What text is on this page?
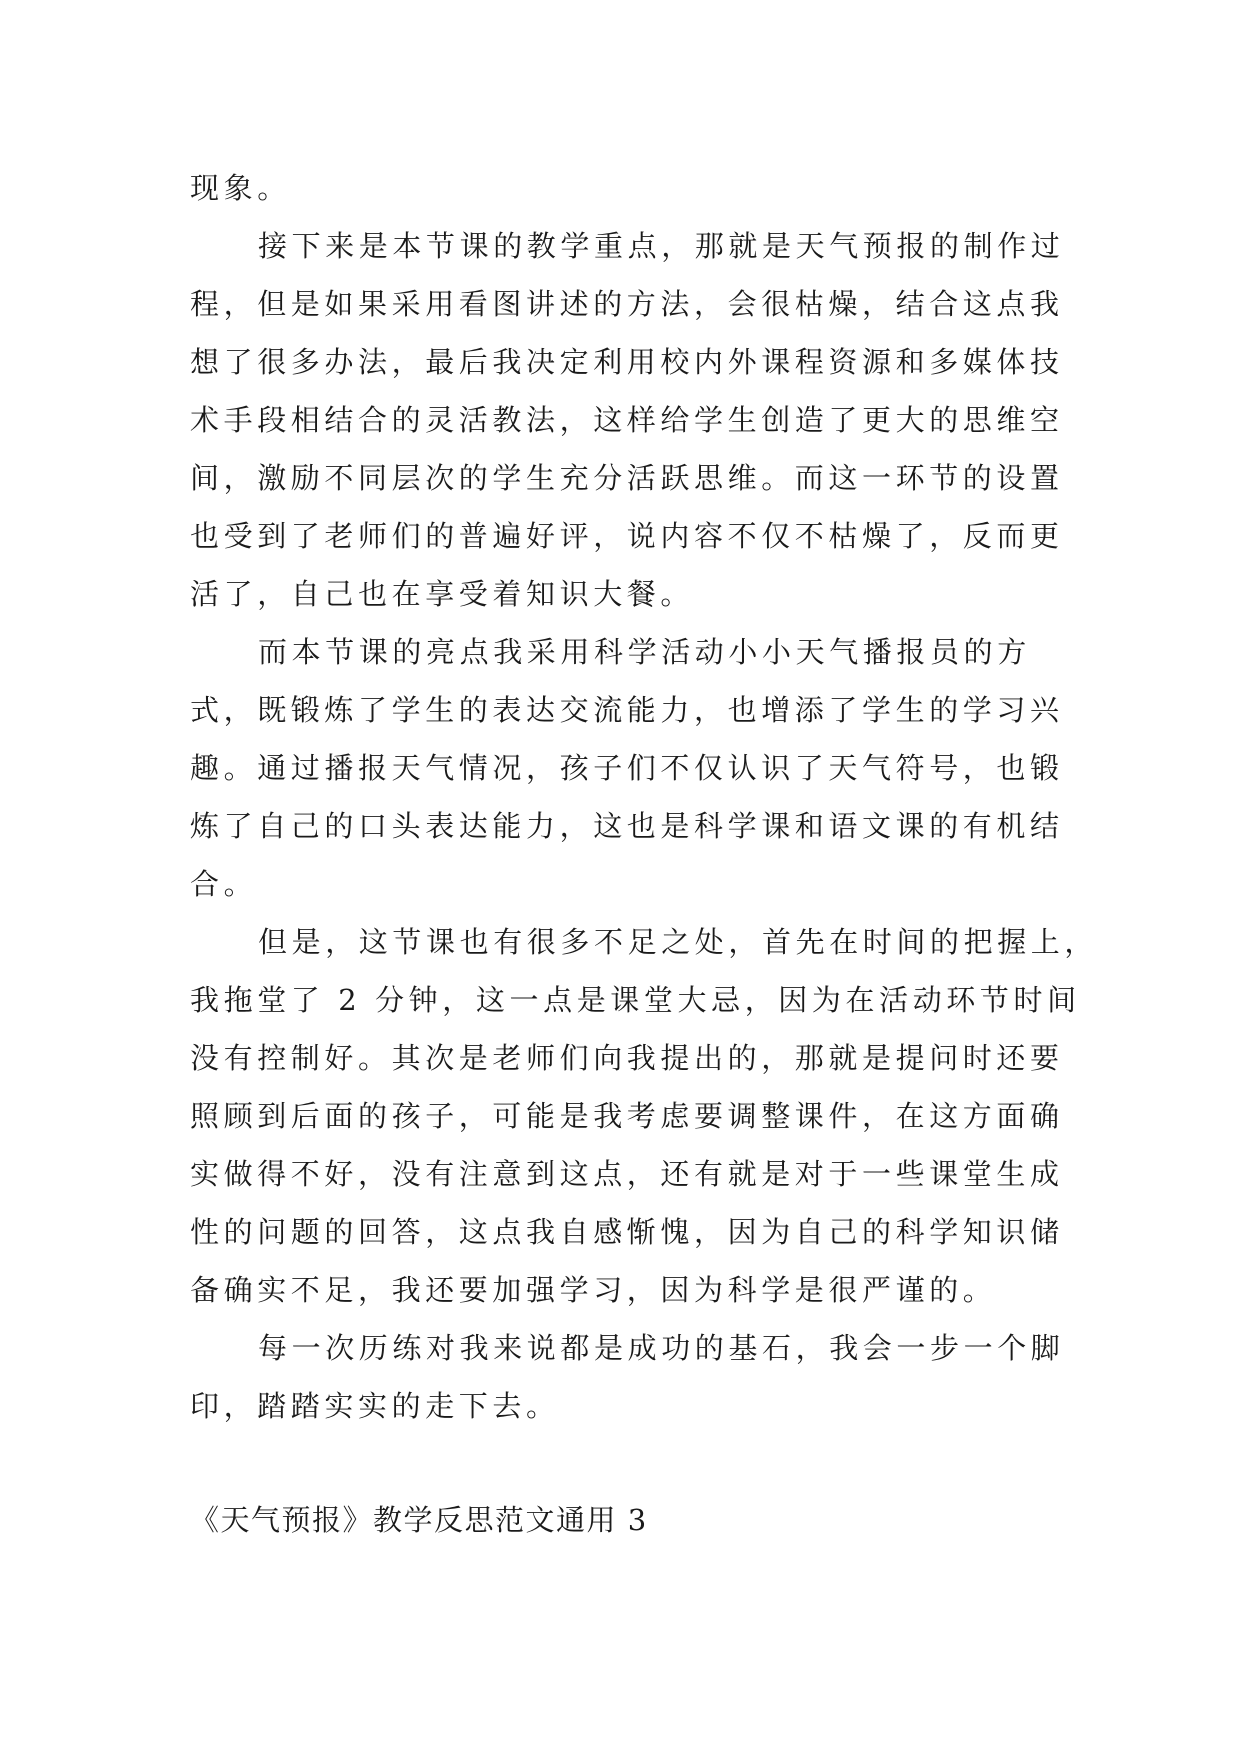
现象。
接下来是本节课的教学重点，那就是天气预报的制作过
程，但是如果采用看图讲述的方法，会很枯燥，结合这点我
想了很多办法，最后我决定利用校内外课程资源和多媒体技
术手段相结合的灵活教法，这样给学生创造了更大的思维空
间，激励不同层次的学生充分活跃思维。而这一环节的设置
也受到了老师们的普遍好评，说内容不仅不枯燥了，反而更
活了，自己也在享受着知识大餐。
而本节课的亮点我采用科学活动小小天气播报员的方
式，既锻炼了学生的表达交流能力，也增添了学生的学习兴
趣。通过播报天气情况，孩子们不仅认识了天气符号，也锻
炼了自己的口头表达能力，这也是科学课和语文课的有机结
合。
但是，这节课也有很多不足之处，首先在时间的把握上，
我拖堂了 2 分钟，这一点是课堂大忌，因为在活动环节时间
没有控制好。其次是老师们向我提出的，那就是提问时还要
照顾到后面的孩子，可能是我考虑要调整课件，在这方面确
实做得不好，没有注意到这点，还有就是对于一些课堂生成
性的问题的回答，这点我自感惭愧，因为自己的科学知识储
备确实不足，我还要加强学习，因为科学是很严谨的。
每一次历练对我来说都是成功的基石，我会一步一个脚
印，踏踏实实的走下去。
《天气预报》教学反思范文通用 3
